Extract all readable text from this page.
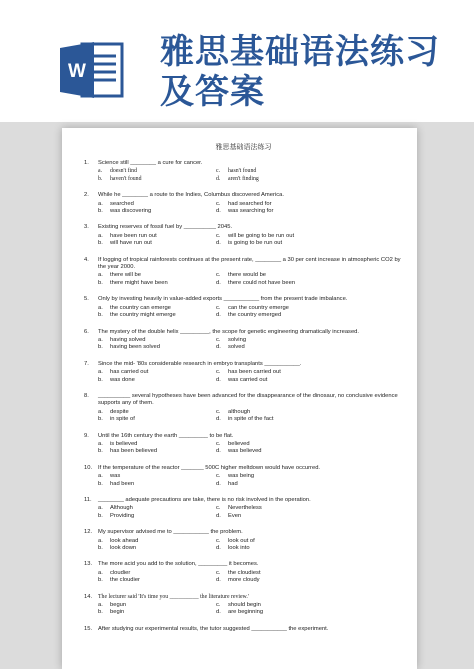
W 雅思基础语法练习
及答案
雅思基础语法练习
1.	Science still ________ a cure for cancer.
a.	doesn't find	c.	hasn't found
b.	haven't found	d.	aren't finding
2.	While he ________ a route to the Indies, Columbus discovered America.
a.	searched	c.	had searched for
b.	was discovering	d.	was searching for
3.	Existing reserves of fossil fuel by __________ 2045.
a.	have been run out	c.	will be going to be run out
b.	will have run out	d.	is going to be run out
4.	If logging of tropical rainforests continues at the present rate, ________ a 30 per cent increase in atmospheric CO2 by the year 2000.
a.	there will be	c.	there would be
b.	there might have been	d.	there could not have been
5.	Only by investing heavily in value-added exports ___________ from the present trade imbalance.
a.	the country can emerge	c.	can the country emerge
b.	the country might emerge	d.	the country emerged
6.	The mystery of the double helix _________, the scope for genetic engineering dramatically increased.
a.	having solved	c.	solving
b.	having been solved	d.	solved
7.	Since the mid- '80s considerable research in embryo transplants ___________.
a.	has carried out	c.	has been carried out
b.	was done	d.	was carried out
8.	__________ several hypotheses have been advanced for the disappearance of the dinosaur, no conclusive evidence supports any of them.
a.	despite	c.	although
b.	in spite of	d.	in spite of the fact
9.	Until the 16th century the earth _________ to be flat.
a.	is believed	c.	believed
b.	has been believed	d.	was believed
10.	If the temperature of the reactor _______ 500C higher meltdown would have occurred.
a.	was	c.	was being
b.	had been	d.	had
11.	________ adequate precautions are take, there is no risk involved in the operation.
a.	Although	c.	Nevertheless
b.	Providing	d.	Even
12.	My supervisor advised me to ___________ the problem.
a.	look ahead	c.	look out of
b.	look down	d.	look into
13.	The more acid you add to the solution, _________ it becomes.
a.	cloudier	c.	the cloudiest
b.	the cloudier	d.	more cloudy
14.	The lecturer said 'It's time you __________ the literature review.'
a.	begun	c.	should begin
b.	begin	d.	are beginning
15.	After studying our experimental results, the tutor suggested ___________ the experiment.
